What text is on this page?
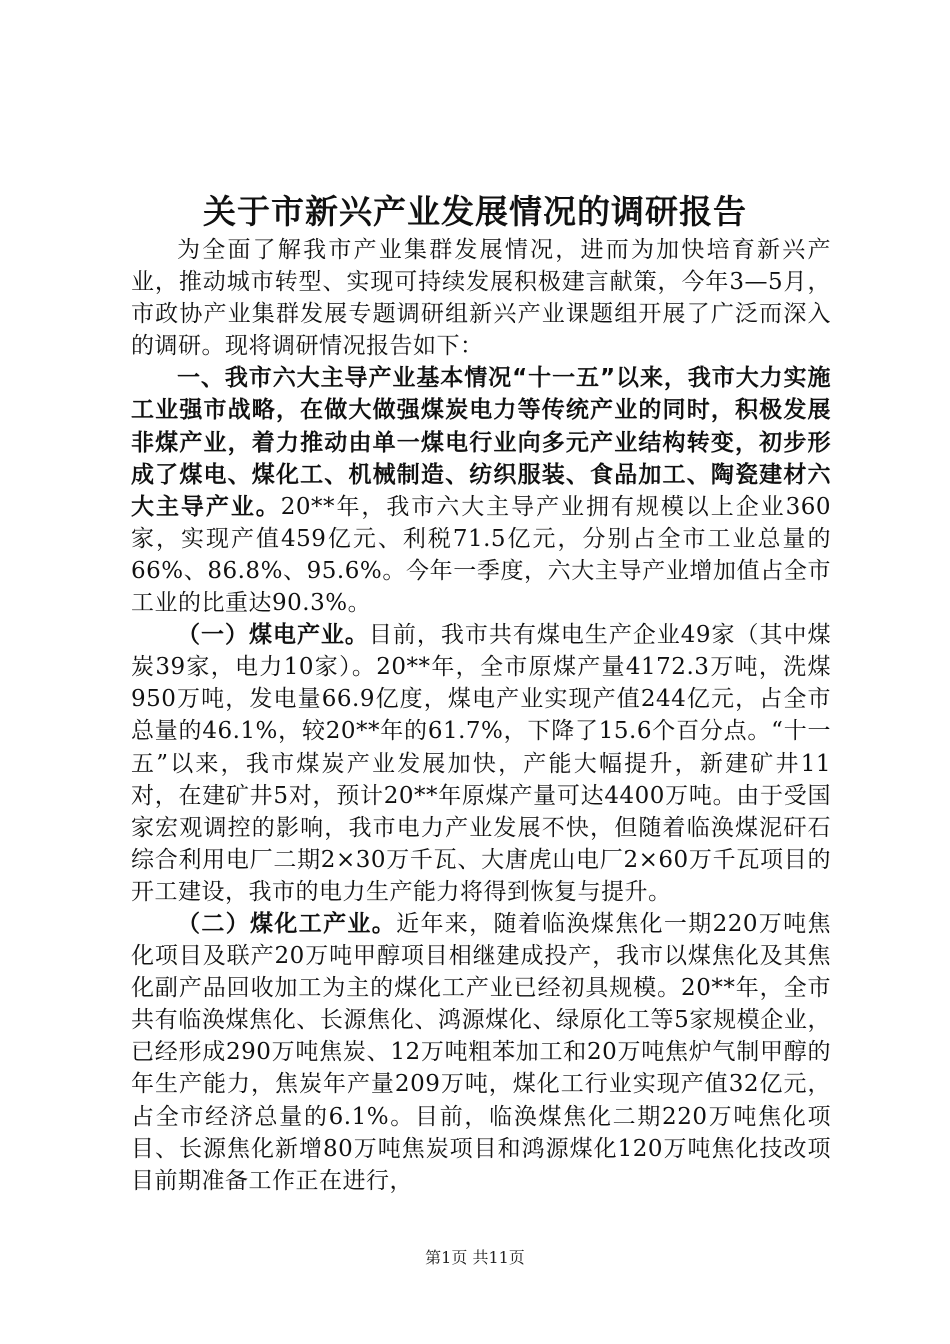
关于市新兴产业发展情况的调研报告

为全面了解我市产业集群发展情况，进而为加快培育新兴产业，推动城市转型、实现可持续发展积极建言献策，今年3—5月，市政协产业集群发展专题调研组新兴产业课题组开展了广泛而深入的调研。现将调研情况报告如下：

一、我市六大主导产业基本情况“十一五”以来，我市大力实施工业强市战略，在做大做强煤炭电力等传统产业的同时，积极发展非煤产业，着力推动由单一煤电行业向多元产业结构转变，初步形成了煤电、煤化工、机械制造、纺织服装、食品加工、陶瓷建材六大主导产业。20**年，我市六大主导产业拥有规模以上企业360家，实现产值459亿元、利税71.5亿元，分别占全市工业总量的66%、86.8%、95.6%。今年一季度，六大主导产业增加值占全市工业的比重达90.3%。

（一）煤电产业。目前，我市共有煤电生产企业49家（其中煤炭39家，电力10家）。20**年，全市原煤产量4172.3万吨，洗煤950万吨，发电量66.9亿度，煤电产业实现产值244亿元，占全市总量的46.1%，较20**年的61.7%，下降了15.6个百分点。“十一五”以来，我市煤炭产业发展加快，产能大幅提升，新建矿井11对，在建矿井5对，预计20**年原煤产量可达4400万吨。由于受国家宏观调控的影响，我市电力产业发展不快，但随着临涣煤泥矸石综合利用电厂二期2×30万千瓦、大唐虎山电厂2×60万千瓦项目的开工建设，我市的电力生产能力将得到恢复与提升。

（二）煤化工产业。近年来，随着临涣煤焦化一期220万吨焦化项目及联产20万吨甲醇项目相继建成投产，我市以煤焦化及其焦化副产品回收加工为主的煤化工产业已经初具规模。20**年，全市共有临涣煤焦化、长源焦化、鸿源煤化、绿原化工等5家规模企业，已经形成290万吨焦炭、12万吨粗苯加工和20万吨焦炉气制甲醇的年生产能力，焦炭年产量209万吨，煤化工行业实现产值32亿元，占全市经济总量的6.1%。目前，临涣煤焦化二期220万吨焦化项目、长源焦化新增80万吨焦炭项目和鸿源煤化120万吨焦化技改项目前期准备工作正在进行，

第1页 共11页
